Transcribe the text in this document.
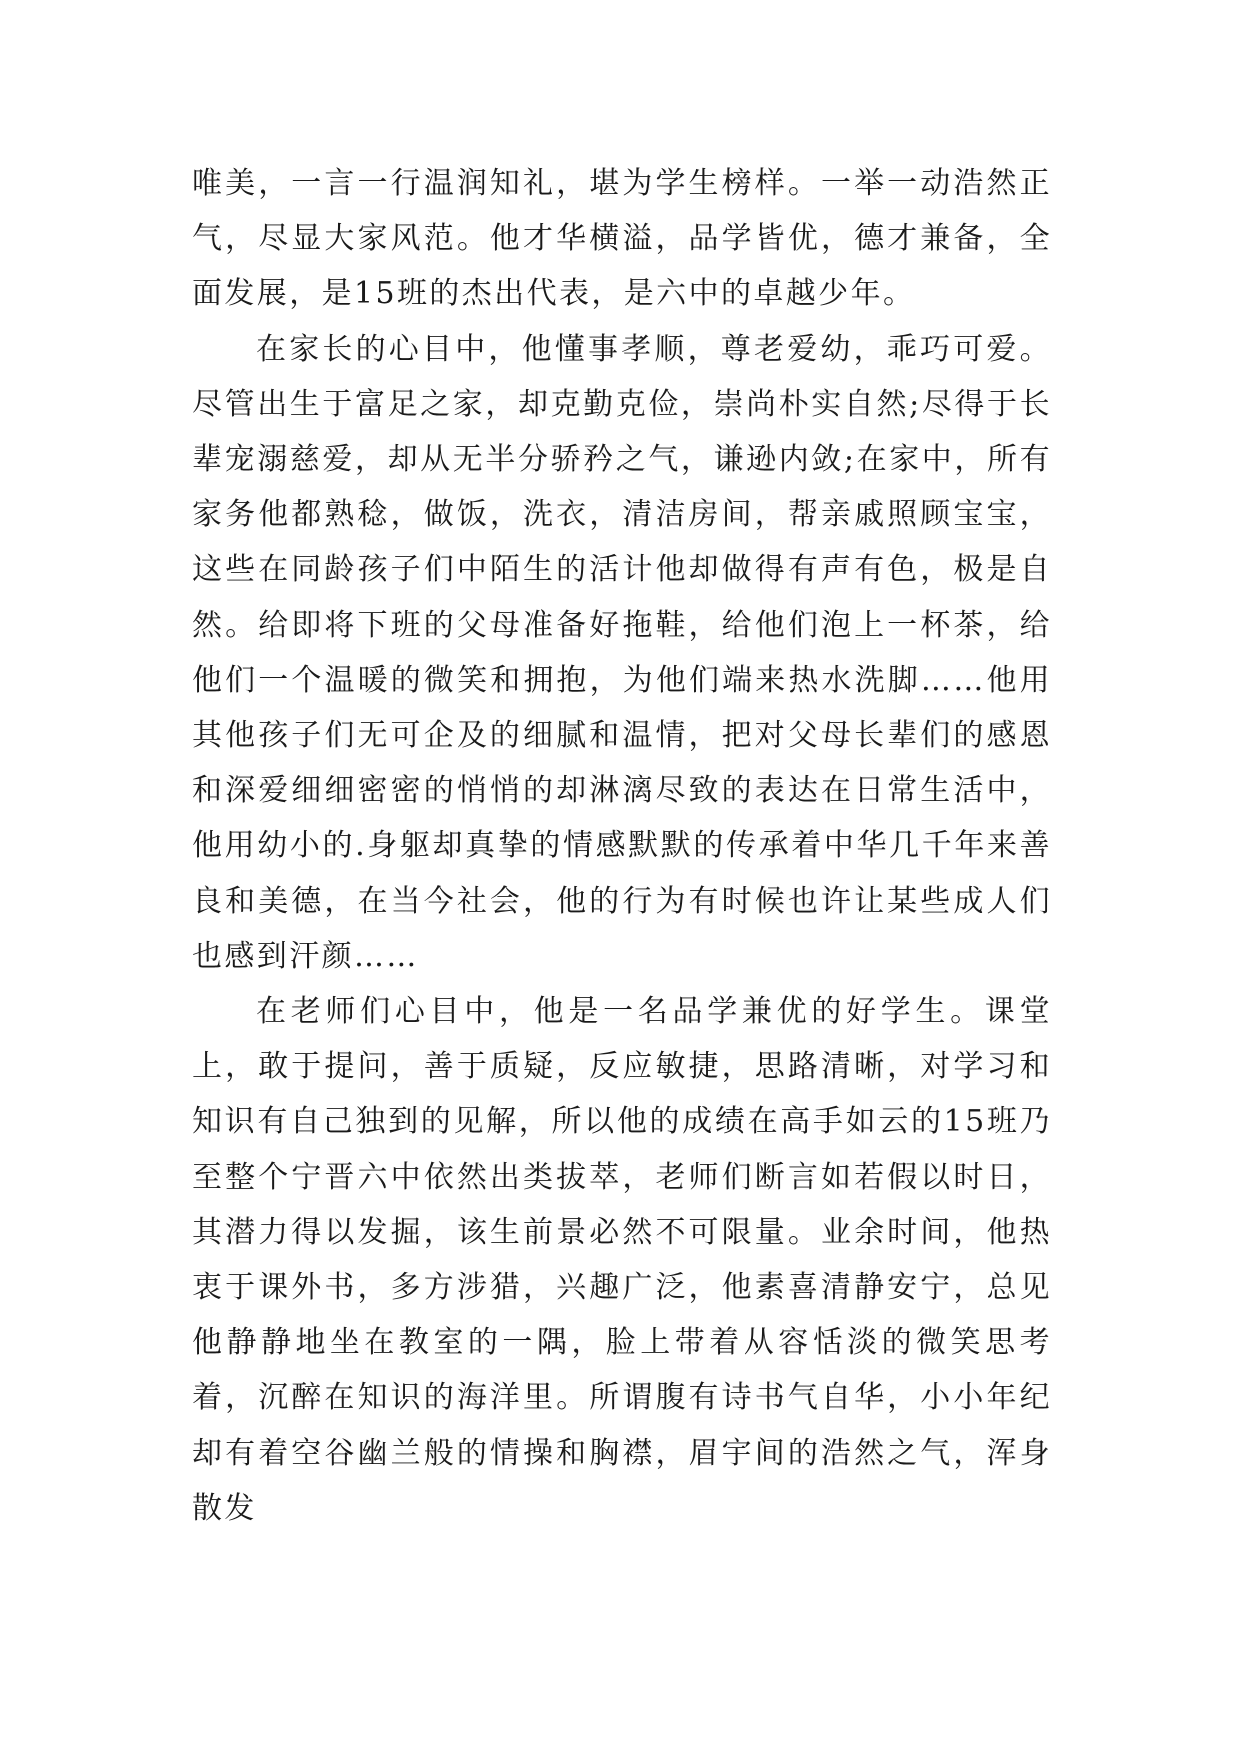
唯美，一言一行温润知礼，堪为学生榜样。一举一动浩然正气，尽显大家风范。他才华横溢，品学皆优，德才兼备，全面发展，是15班的杰出代表，是六中的卓越少年。

在家长的心目中，他懂事孝顺，尊老爱幼，乖巧可爱。尽管出生于富足之家，却克勤克俭，崇尚朴实自然;尽得于长辈宠溺慈爱，却从无半分骄矜之气，谦逊内敛;在家中，所有家务他都熟稔，做饭，洗衣，清洁房间，帮亲戚照顾宝宝，这些在同龄孩子们中陌生的活计他却做得有声有色，极是自然。给即将下班的父母准备好拖鞋，给他们泡上一杯茶，给他们一个温暖的微笑和拥抱，为他们端来热水洗脚……他用其他孩子们无可企及的细腻和温情，把对父母长辈们的感恩和深爱细细密密的悄悄的却淋漓尽致的表达在日常生活中，他用幼小的.身躯却真挚的情感默默的传承着中华几千年来善良和美德，在当今社会，他的行为有时候也许让某些成人们也感到汗颜……

在老师们心目中，他是一名品学兼优的好学生。课堂上，敢于提问，善于质疑，反应敏捷，思路清晰，对学习和知识有自己独到的见解，所以他的成绩在高手如云的15班乃至整个宁晋六中依然出类拔萃，老师们断言如若假以时日，其潜力得以发掘，该生前景必然不可限量。业余时间，他热衷于课外书，多方涉猎，兴趣广泛，他素喜清静安宁，总见他静静地坐在教室的一隅，脸上带着从容恬淡的微笑思考着，沉醉在知识的海洋里。所谓腹有诗书气自华，小小年纪却有着空谷幽兰般的情操和胸襟，眉宇间的浩然之气，浑身散发
